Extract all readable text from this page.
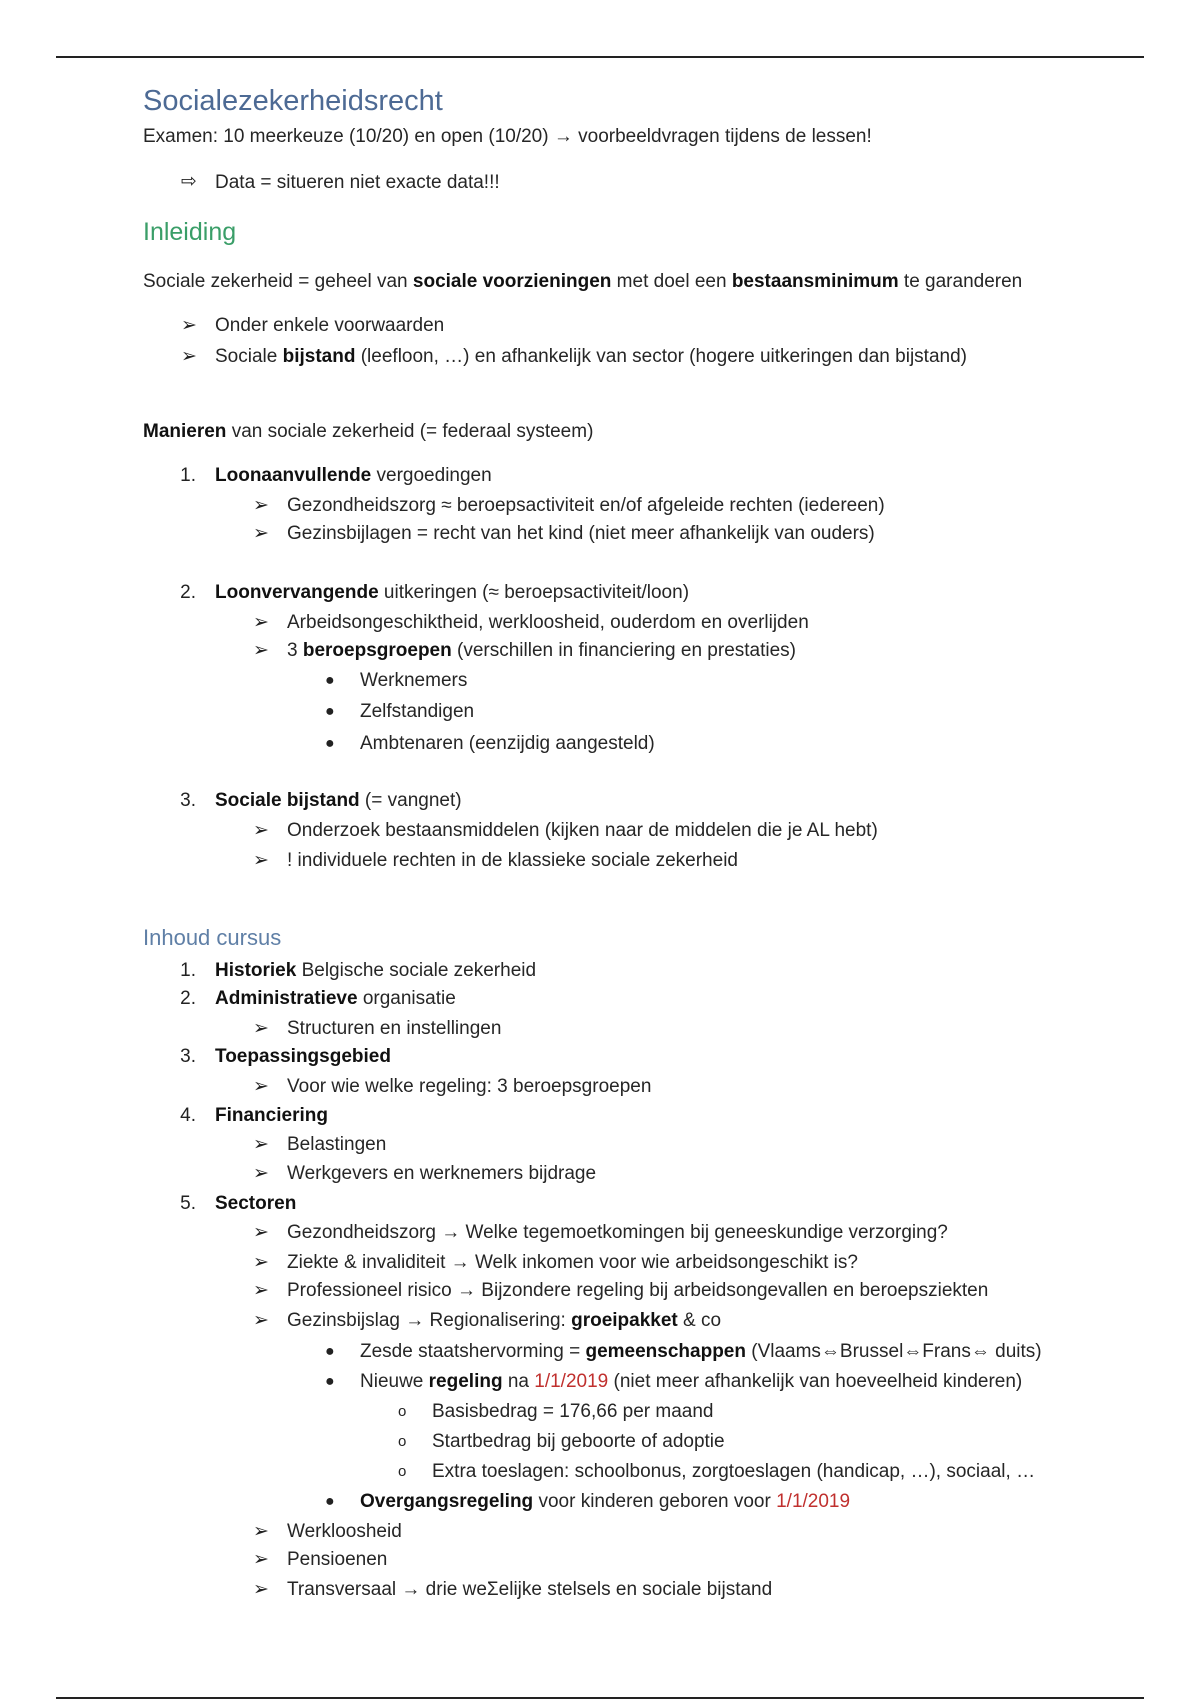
Socialezekerheidsrecht
Examen: 10 meerkeuze (10/20) en open (10/20) → voorbeeldvragen tijdens de lessen!
⇨ Data = situeren niet exacte data!!!
Inleiding
Sociale zekerheid = geheel van sociale voorzieningen met doel een bestaansminimum te garanderen
➢ Onder enkele voorwaarden
➢ Sociale bijstand (leefloon, …) en afhankelijk van sector (hogere uitkeringen dan bijstand)
Manieren van sociale zekerheid (= federaal systeem)
1. Loonaanvullende vergoedingen
➢ Gezondheidszorg ≈ beroepsactiviteit en/of afgeleide rechten (iedereen)
➢ Gezinsbijlagen = recht van het kind (niet meer afhankelijk van ouders)
2. Loonvervangende uitkeringen (≈ beroepsactiviteit/loon)
➢ Arbeidsongeschiktheid, werkloosheid, ouderdom en overlijden
➢ 3 beroepsgroepen (verschillen in financiering en prestaties)
● Werknemers
● Zelfstandigen
● Ambtenaren (eenzijdig aangesteld)
3. Sociale bijstand (= vangnet)
➢ Onderzoek bestaansmiddelen (kijken naar de middelen die je AL hebt)
➢ ! individuele rechten in de klassieke sociale zekerheid
Inhoud cursus
1. Historiek Belgische sociale zekerheid
2. Administratieve organisatie
➢ Structuren en instellingen
3. Toepassingsgebied
➢ Voor wie welke regeling: 3 beroepsgroepen
4. Financiering
➢ Belastingen
➢ Werkgevers en werknemers bijdrage
5. Sectoren
➢ Gezondheidszorg → Welke tegemoetkomingen bij geneeskundige verzorging?
➢ Ziekte & invaliditeit → Welk inkomen voor wie arbeidsongeschikt is?
➢ Professioneel risico → Bijzondere regeling bij arbeidsongevallen en beroepsziekten
➢ Gezinsbijslag → Regionalisering: groeipakket & co
● Zesde staatshervorming = gemeenschappen (Vlaams⇔Brussel⇔Frans⇔ duits)
● Nieuwe regeling na 1/1/2019 (niet meer afhankelijk van hoeveelheid kinderen)
o Basisbedrag = 176,66 per maand
o Startbedrag bij geboorte of adoptie
o Extra toeslagen: schoolbonus, zorgtoeslagen (handicap, …), sociaal, …
● Overgangsregeling voor kinderen geboren voor 1/1/2019
➢ Werkloosheid
➢ Pensioenen
➢ Transversaal → drie weΣelijke stelsels en sociale bijstand
